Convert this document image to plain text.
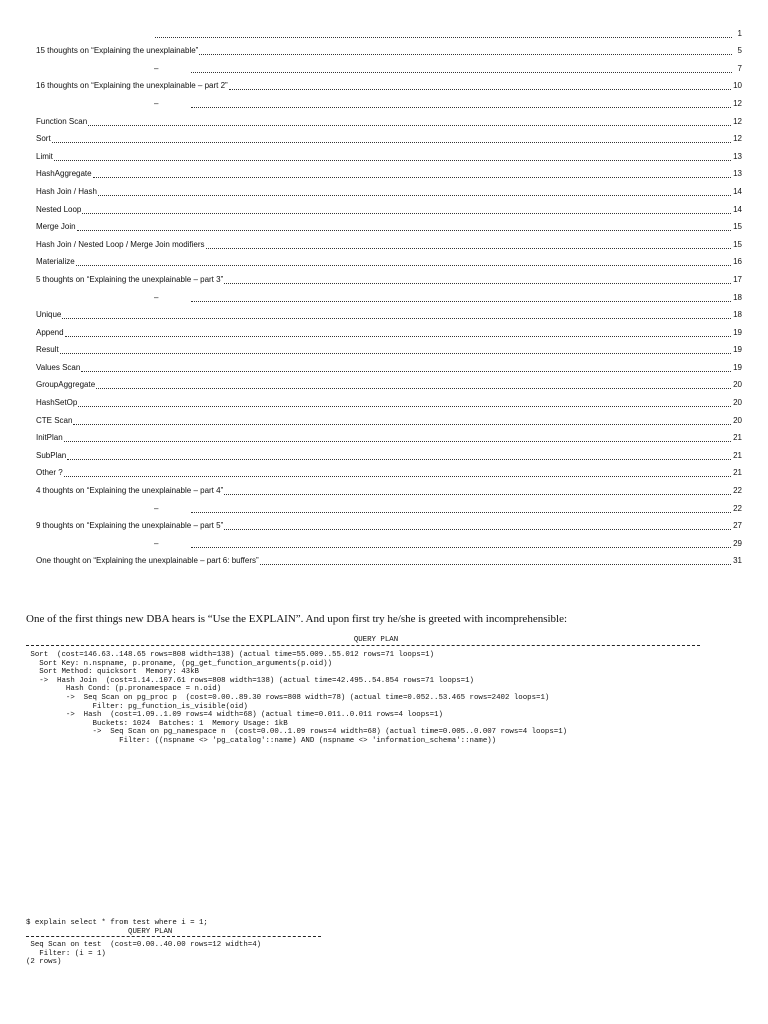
1
15 thoughts on “Explaining the unexplainable”	5
–	7
16 thoughts on “Explaining the unexplainable – part 2”	10
–	12
Function Scan	12
Sort	12
Limit	13
HashAggregate	13
Hash Join / Hash	14
Nested Loop	14
Merge Join	15
Hash Join / Nested Loop / Merge Join modifiers	15
Materialize	16
5 thoughts on “Explaining the unexplainable – part 3”	17
–	18
Unique	18
Append	19
Result	19
Values Scan	19
GroupAggregate	20
HashSetOp	20
CTE Scan	20
InitPlan	21
SubPlan	21
Other ?	21
4 thoughts on “Explaining the unexplainable – part 4”	22
–	22
9 thoughts on “Explaining the unexplainable – part 5”	27
–	29
One thought on “Explaining the unexplainable – part 6: buffers”	31
One of the first things new DBA hears is “Use the EXPLAIN”. And upon first try he/she is greeted with incomprehensible:
QUERY PLAN
Sort  (cost=146.63..148.65 rows=808 width=138) (actual time=55.009..55.012 rows=71 loops=1)
Sort Key: n.nspname, p.proname, (pg_get_function_arguments(p.oid))
Sort Method: quicksort  Memory: 43kB
->  Hash Join  (cost=1.14..107.61 rows=808 width=138) (actual time=42.495..54.854 rows=71 loops=1)
Hash Cond: (p.pronamespace = n.oid)
->  Seq Scan on pg_proc p  (cost=0.00..89.30 rows=808 width=78) (actual time=0.052..53.465 rows=2402 loops=1)
Filter: pg_function_is_visible(oid)
->  Hash  (cost=1.09..1.09 rows=4 width=68) (actual time=0.011..0.011 rows=4 loops=1)
Buckets: 1024  Batches: 1  Memory Usage: 1kB
->  Seq Scan on pg_namespace n  (cost=0.00..1.09 rows=4 width=68) (actual time=0.005..0.007 rows=4 loops=1)
Filter: ((nspname <> 'pg_catalog'::name) AND (nspname <> 'information_schema'::name))
$ explain select * from test where i = 1;
QUERY PLAN
Seq Scan on test  (cost=0.00..40.00 rows=12 width=4)
Filter: (i = 1)
(2 rows)
